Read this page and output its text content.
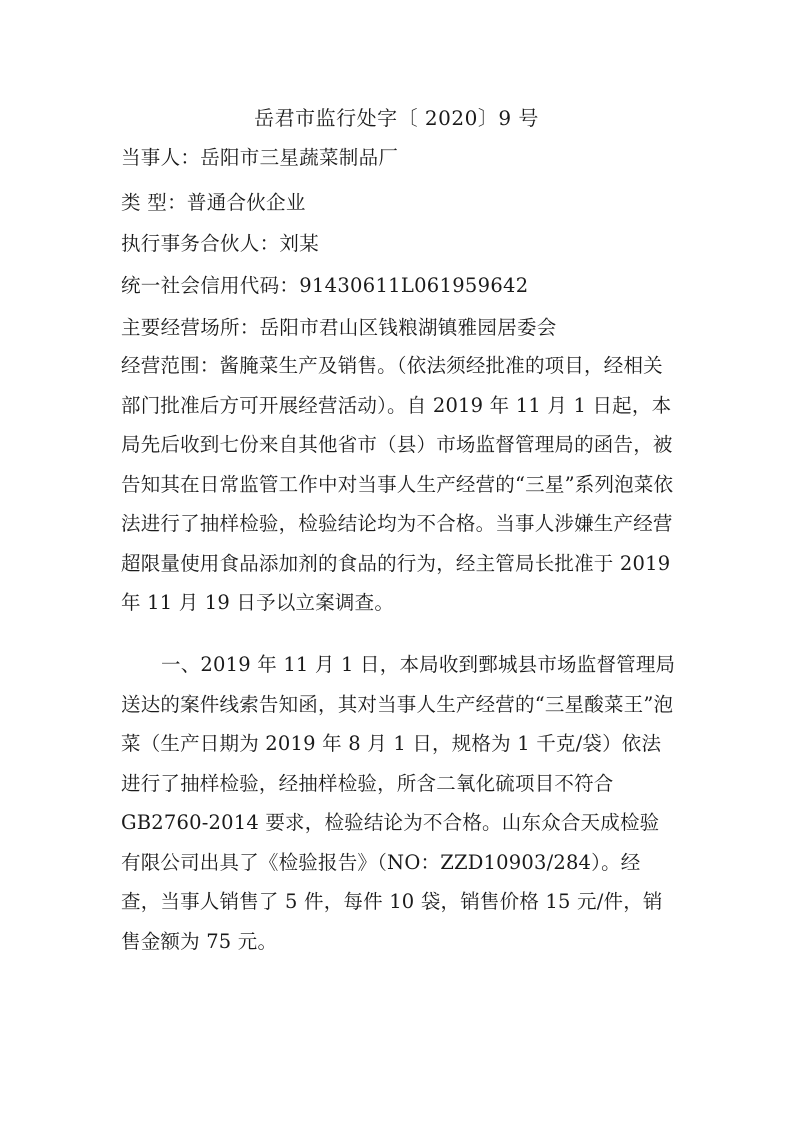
岳君市监行处字〔 2020〕9 号
当事人：岳阳市三星蔬菜制品厂
类 型：普通合伙企业
执行事务合伙人：刘某
统一社会信用代码：91430611L061959642
主要经营场所：岳阳市君山区钱粮湖镇雅园居委会
经营范围：酱腌菜生产及销售。（依法须经批准的项目，经相关部门批准后方可开展经营活动）。自 2019 年 11 月 1 日起，本局先后收到七份来自其他省市（县）市场监督管理局的函告，被告知其在日常监管工作中对当事人生产经营的“三星”系列泡菜依法进行了抽样检验，检验结论均为不合格。当事人涉嫌生产经营超限量使用食品添加剂的食品的行为，经主管局长批准于 2019 年 11 月 19 日予以立案调查。
一、2019 年 11 月 1 日，本局收到鄄城县市场监督管理局送达的案件线索告知函，其对当事人生产经营的“三星酸菜王”泡菜（生产日期为 2019 年 8 月 1 日，规格为 1 千克/袋）依法进行了抽样检验，经抽样检验，所含二氧化硫项目不符合 GB2760-2014 要求，检验结论为不合格。山东众合天成检验有限公司出具了《检验报告》（NO：ZZD10903/284）。经查，当事人销售了 5 件，每件 10 袋，销售价格 15 元/件，销售金额为 75 元。
